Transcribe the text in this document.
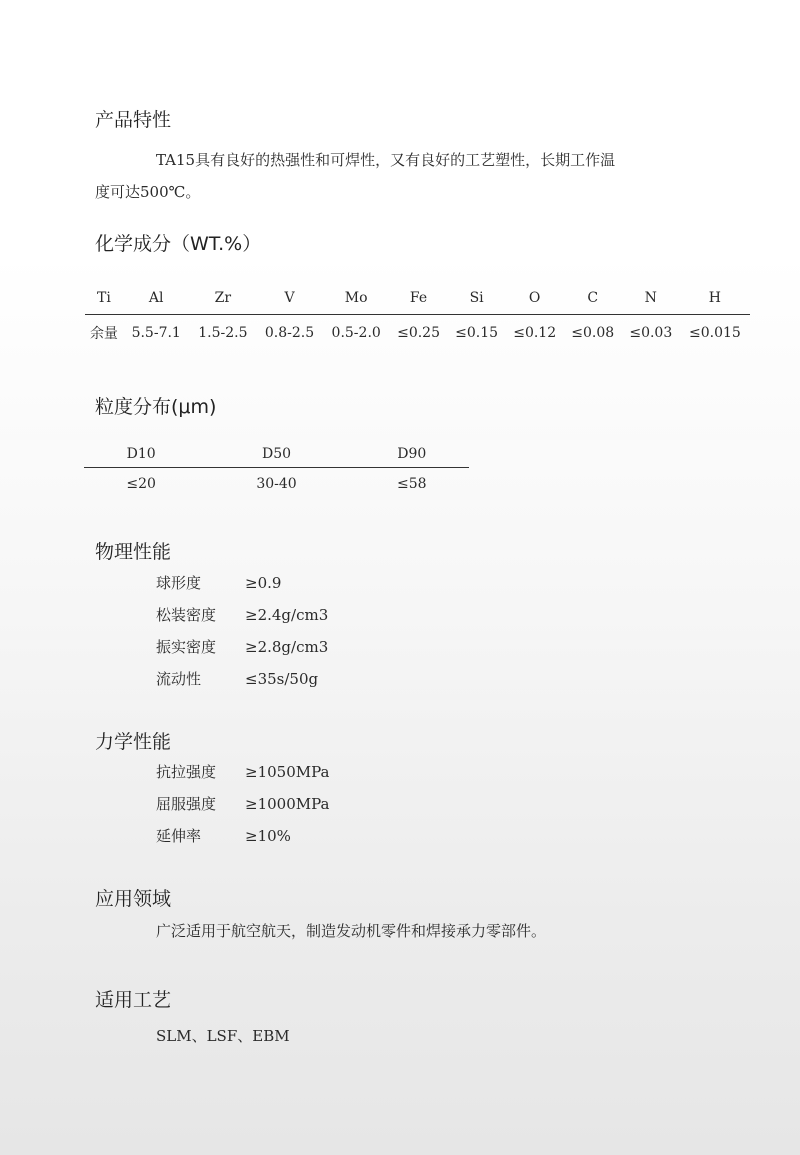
产品特性
TA15具有良好的热强性和可焊性，又有良好的工艺塑性，长期工作温
度可达500℃。
化学成分（WT.%）
Ti	Al	Zr	V	Mo	Fe	Si	O	C	N	H
余量	5.5-7.1	1.5-2.5	0.8-2.5	0.5-2.0	≤0.25	≤0.15	≤0.12	≤0.08	≤0.03	≤0.015
粒度分布(μm)
D10	D50	D90
≤20	30-40	≤58
物理性能
球形度	≥0.9
松装密度 ≥2.4g/cm3
振实密度 ≥2.8g/cm3
流动性	≤35s/50g
力学性能
抗拉强度 ≥1050MPa
屈服强度 ≥1000MPa
延伸率	≥10%
应用领域
广泛适用于航空航天，制造发动机零件和焊接承力零部件。
适用工艺
SLM、LSF、EBM
